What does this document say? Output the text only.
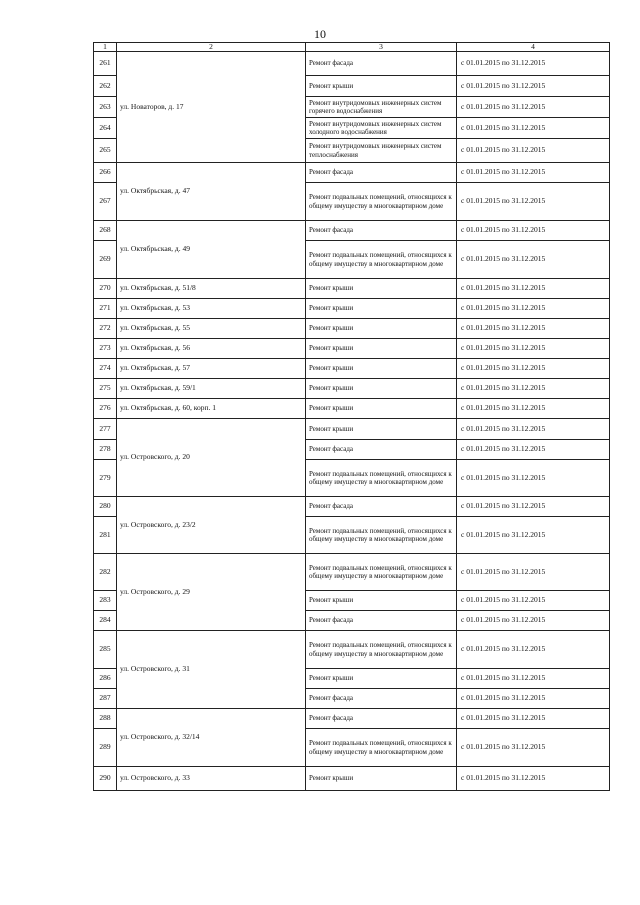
10
1	2	3	4
261	ул. Новаторов, д. 17	Ремонт фасада	с 01.01.2015 по 31.12.2015
262		Ремонт крыши	с 01.01.2015 по 31.12.2015
263		Ремонт внутридомовых инженерных систем горячего водоснабжения	с 01.01.2015 по 31.12.2015
264		Ремонт внутридомовых инженерных систем холодного водоснабжения	с 01.01.2015 по 31.12.2015
265		Ремонт внутридомовых инженерных систем теплоснабжения	с 01.01.2015 по 31.12.2015
266	ул. Октябрьская, д. 47	Ремонт фасада	с 01.01.2015 по 31.12.2015
267		Ремонт подвальных помещений, относящихся к общему имуществу в многоквартирном доме	с 01.01.2015 по 31.12.2015
268	ул. Октябрьская, д. 49	Ремонт фасада	с 01.01.2015 по 31.12.2015
269		Ремонт подвальных помещений, относящихся к общему имуществу в многоквартирном доме	с 01.01.2015 по 31.12.2015
270	ул. Октябрьская, д. 51/8	Ремонт крыши	с 01.01.2015 по 31.12.2015
271	ул. Октябрьская, д. 53	Ремонт крыши	с 01.01.2015 по 31.12.2015
272	ул. Октябрьская, д. 55	Ремонт крыши	с 01.01.2015 по 31.12.2015
273	ул. Октябрьская, д. 56	Ремонт крыши	с 01.01.2015 по 31.12.2015
274	ул. Октябрьская, д. 57	Ремонт крыши	с 01.01.2015 по 31.12.2015
275	ул. Октябрьская, д. 59/1	Ремонт крыши	с 01.01.2015 по 31.12.2015
276	ул. Октябрьская, д. 60, корп. 1	Ремонт крыши	с 01.01.2015 по 31.12.2015
277	ул. Островского, д. 20	Ремонт крыши	с 01.01.2015 по 31.12.2015
278		Ремонт фасада	с 01.01.2015 по 31.12.2015
279		Ремонт подвальных помещений, относящихся к общему имуществу в многоквартирном доме	с 01.01.2015 по 31.12.2015
280	ул. Островского, д. 23/2	Ремонт фасада	с 01.01.2015 по 31.12.2015
281		Ремонт подвальных помещений, относящихся к общему имуществу в многоквартирном доме	с 01.01.2015 по 31.12.2015
282	ул. Островского, д. 29	Ремонт подвальных помещений, относящихся к общему имуществу в многоквартирном доме	с 01.01.2015 по 31.12.2015
283		Ремонт крыши	с 01.01.2015 по 31.12.2015
284		Ремонт фасада	с 01.01.2015 по 31.12.2015
285	ул. Островского, д. 31	Ремонт подвальных помещений, относящихся к общему имуществу в многоквартирном доме	с 01.01.2015 по 31.12.2015
286		Ремонт крыши	с 01.01.2015 по 31.12.2015
287		Ремонт фасада	с 01.01.2015 по 31.12.2015
288	ул. Островского, д. 32/14	Ремонт фасада	с 01.01.2015 по 31.12.2015
289		Ремонт подвальных помещений, относящихся к общему имуществу в многоквартирном доме	с 01.01.2015 по 31.12.2015
290	ул. Островского, д. 33	Ремонт крыши	с 01.01.2015 по 31.12.2015
